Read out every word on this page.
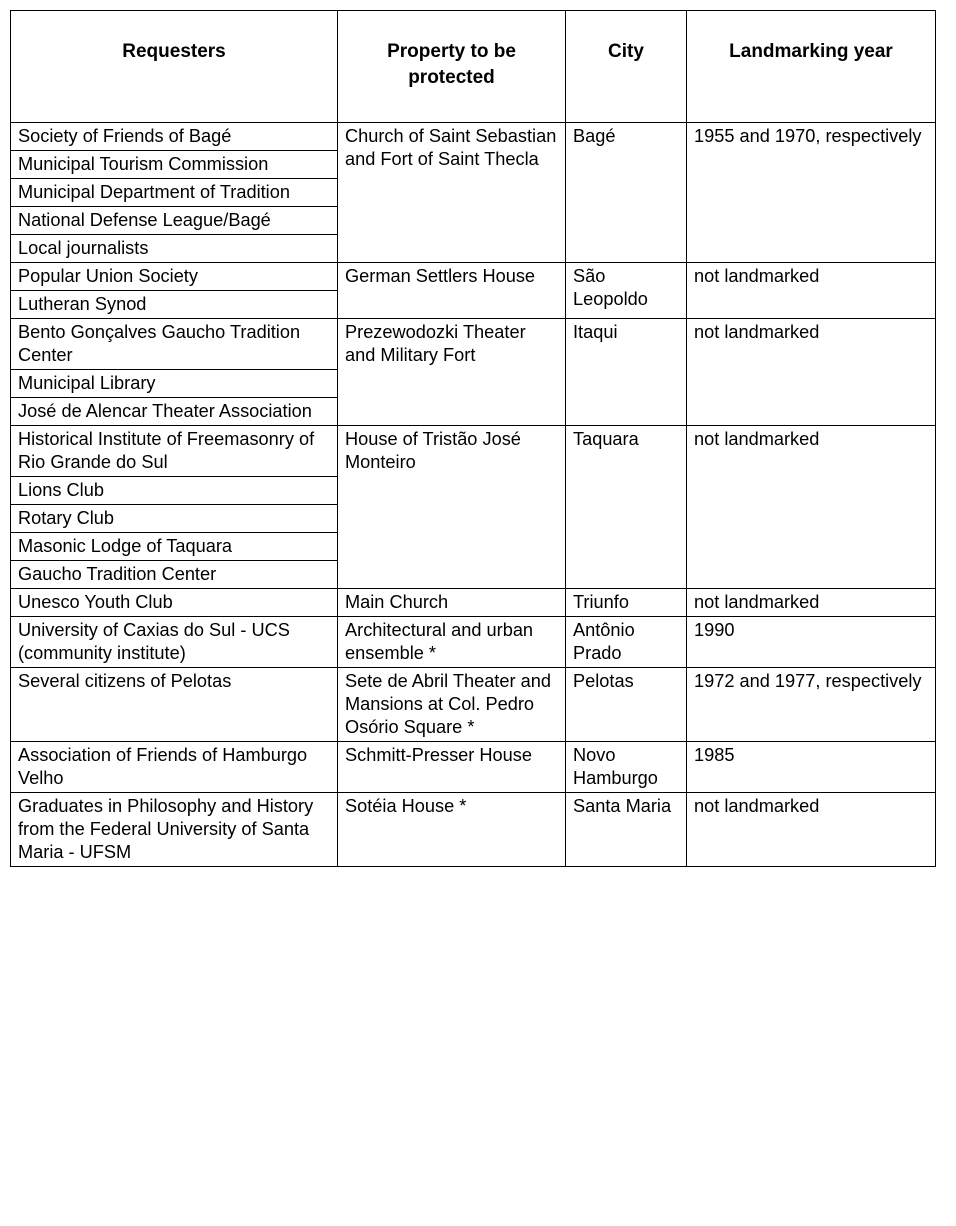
Requesters	Property to be protected	City	Landmarking year

Society of Friends of Bagé
Municipal Tourism Commission
Municipal Department of Tradition
National Defense League/Bagé
Local journalists	Church of Saint Sebastian and Fort of Saint Thecla	Bagé	1955 and 1970, respectively

Popular Union Society
Lutheran Synod	German Settlers House	São Leopoldo	not landmarked

Bento Gonçalves Gaucho Tradition Center
Municipal Library
José de Alencar Theater Association	Prezewodozki Theater and Military Fort	Itaqui	not landmarked

Historical Institute of Freemasonry of Rio Grande do Sul
Lions Club
Rotary Club
Masonic Lodge of Taquara
Gaucho Tradition Center	House of Tristão José Monteiro	Taquara	not landmarked

Unesco Youth Club	Main Church	Triunfo	not landmarked

University of Caxias do Sul - UCS (community institute)	Architectural and urban ensemble *	Antônio Prado	1990

Several citizens of Pelotas	Sete de Abril Theater and Mansions at Col. Pedro Osório Square *	Pelotas	1972 and 1977, respectively

Association of Friends of Hamburgo Velho	Schmitt-Presser House	Novo Hamburgo	1985

Graduates in Philosophy and History from the Federal University of Santa Maria - UFSM	Sotéia House *	Santa Maria	not landmarked
